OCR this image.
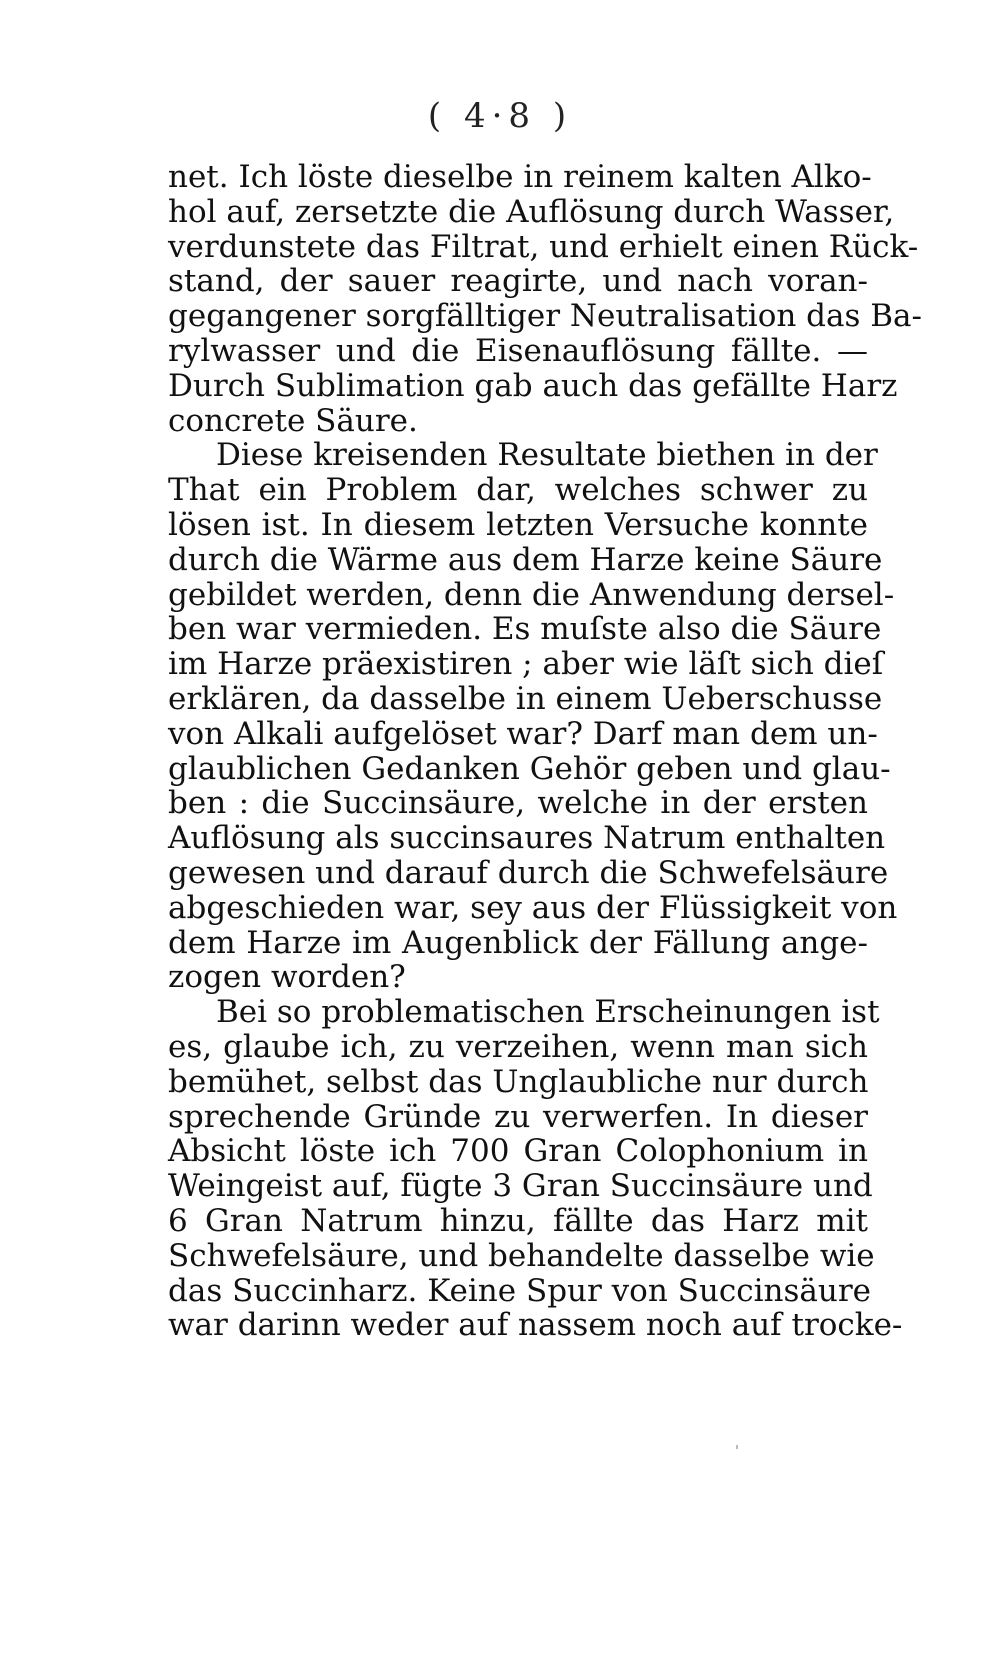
( 4·8 )
net. Ich löste dieselbe in reinem kalten Alko-
hol auf, zersetzte die Auflösung durch Wasser,
verdunstete das Filtrat, und erhielt einen Rück-
stand, der sauer reagirte, und nach voran-
gegangener sorgfälltiger Neutralisation das Ba-
rylwasser und die Eisenauflösung fällte. —
Durch Sublimation gab auch das gefällte Harz
concrete Säure.
Diese kreisenden Resultate biethen in der
That ein Problem dar, welches schwer zu
lösen ist. In diesem letzten Versuche konnte
durch die Wärme aus dem Harze keine Säure
gebildet werden, denn die Anwendung dersel-
ben war vermieden. Es muſste also die Säure
im Harze präexistiren ; aber wie läſt sich dieſ
erklären, da dasselbe in einem Ueberschusse
von Alkali aufgelöset war? Darf man dem un-
glaublichen Gedanken Gehör geben und glau-
ben : die Succinsäure, welche in der ersten
Auflösung als succinsaures Natrum enthalten
gewesen und darauf durch die Schwefelsäure
abgeschieden war, sey aus der Flüssigkeit von
dem Harze im Augenblick der Fällung ange-
zogen worden?
Bei so problematischen Erscheinungen ist
es, glaube ich, zu verzeihen, wenn man sich
bemühet, selbst das Unglaubliche nur durch
sprechende Gründe zu verwerfen. In dieser
Absicht löste ich 700 Gran Colophonium in
Weingeist auf, fügte 3 Gran Succinsäure und
6 Gran Natrum hinzu, fällte das Harz mit
Schwefelsäure, und behandelte dasselbe wie
das Succinharz. Keine Spur von Succinsäure
war darinn weder auf nassem noch auf trocke-
